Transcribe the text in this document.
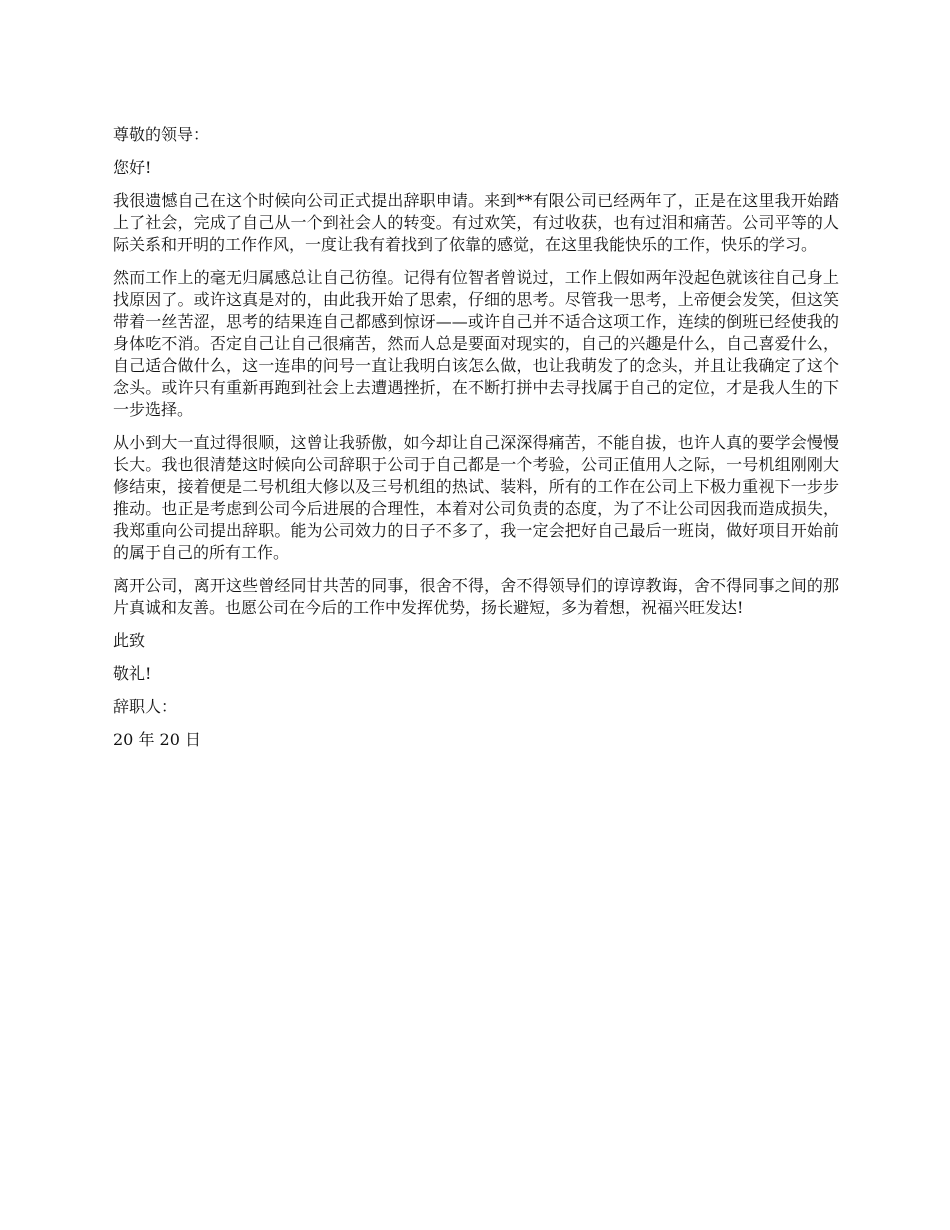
尊敬的领导：

您好!

我很遗憾自己在这个时候向公司正式提出辞职申请。来到**有限公司已经两年了，正是在这里我开始踏上了社会，完成了自己从一个到社会人的转变。有过欢笑，有过收获，也有过泪和痛苦。公司平等的人际关系和开明的工作作风，一度让我有着找到了依靠的感觉，在这里我能快乐的工作，快乐的学习。

然而工作上的毫无归属感总让自己彷徨。记得有位智者曾说过，工作上假如两年没起色就该往自己身上找原因了。或许这真是对的，由此我开始了思索，仔细的思考。尽管我一思考，上帝便会发笑，但这笑带着一丝苦涩，思考的结果连自己都感到惊讶——或许自己并不适合这项工作，连续的倒班已经使我的身体吃不消。否定自己让自己很痛苦，然而人总是要面对现实的，自己的兴趣是什么，自己喜爱什么，自己适合做什么，这一连串的问号一直让我明白该怎么做，也让我萌发了的念头，并且让我确定了这个念头。或许只有重新再跑到社会上去遭遇挫折，在不断打拼中去寻找属于自己的定位，才是我人生的下一步选择。

从小到大一直过得很顺，这曾让我骄傲，如今却让自己深深得痛苦，不能自拔，也许人真的要学会慢慢长大。我也很清楚这时候向公司辞职于公司于自己都是一个考验，公司正值用人之际，一号机组刚刚大修结束，接着便是二号机组大修以及三号机组的热试、装料，所有的工作在公司上下极力重视下一步步推动。也正是考虑到公司今后进展的合理性，本着对公司负责的态度，为了不让公司因我而造成损失，我郑重向公司提出辞职。能为公司效力的日子不多了，我一定会把好自己最后一班岗，做好项目开始前的属于自己的所有工作。

离开公司，离开这些曾经同甘共苦的同事，很舍不得，舍不得领导们的谆谆教诲，舍不得同事之间的那片真诚和友善。也愿公司在今后的工作中发挥优势，扬长避短，多为着想，祝福兴旺发达!

此致

敬礼!

辞职人：

20 年 20 日
